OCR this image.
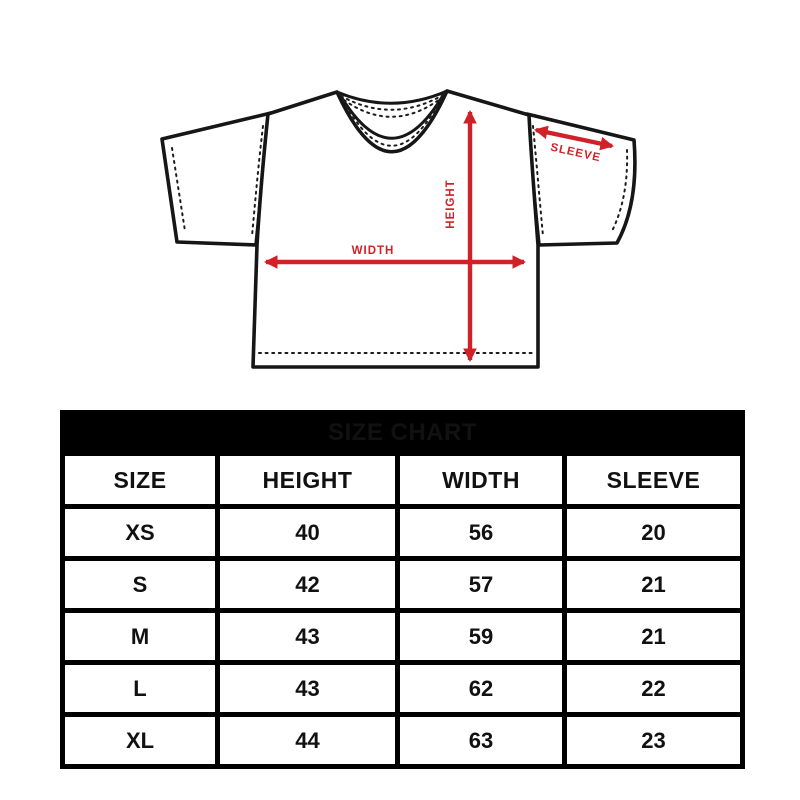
HEIGHT
WIDTH
SLEEVE
SIZE CHART			
SIZE	HEIGHT	WIDTH	SLEEVE
XS	40	56	20
S	42	57	21
M	43	59	21
L	43	62	22
XL	44	63	23
